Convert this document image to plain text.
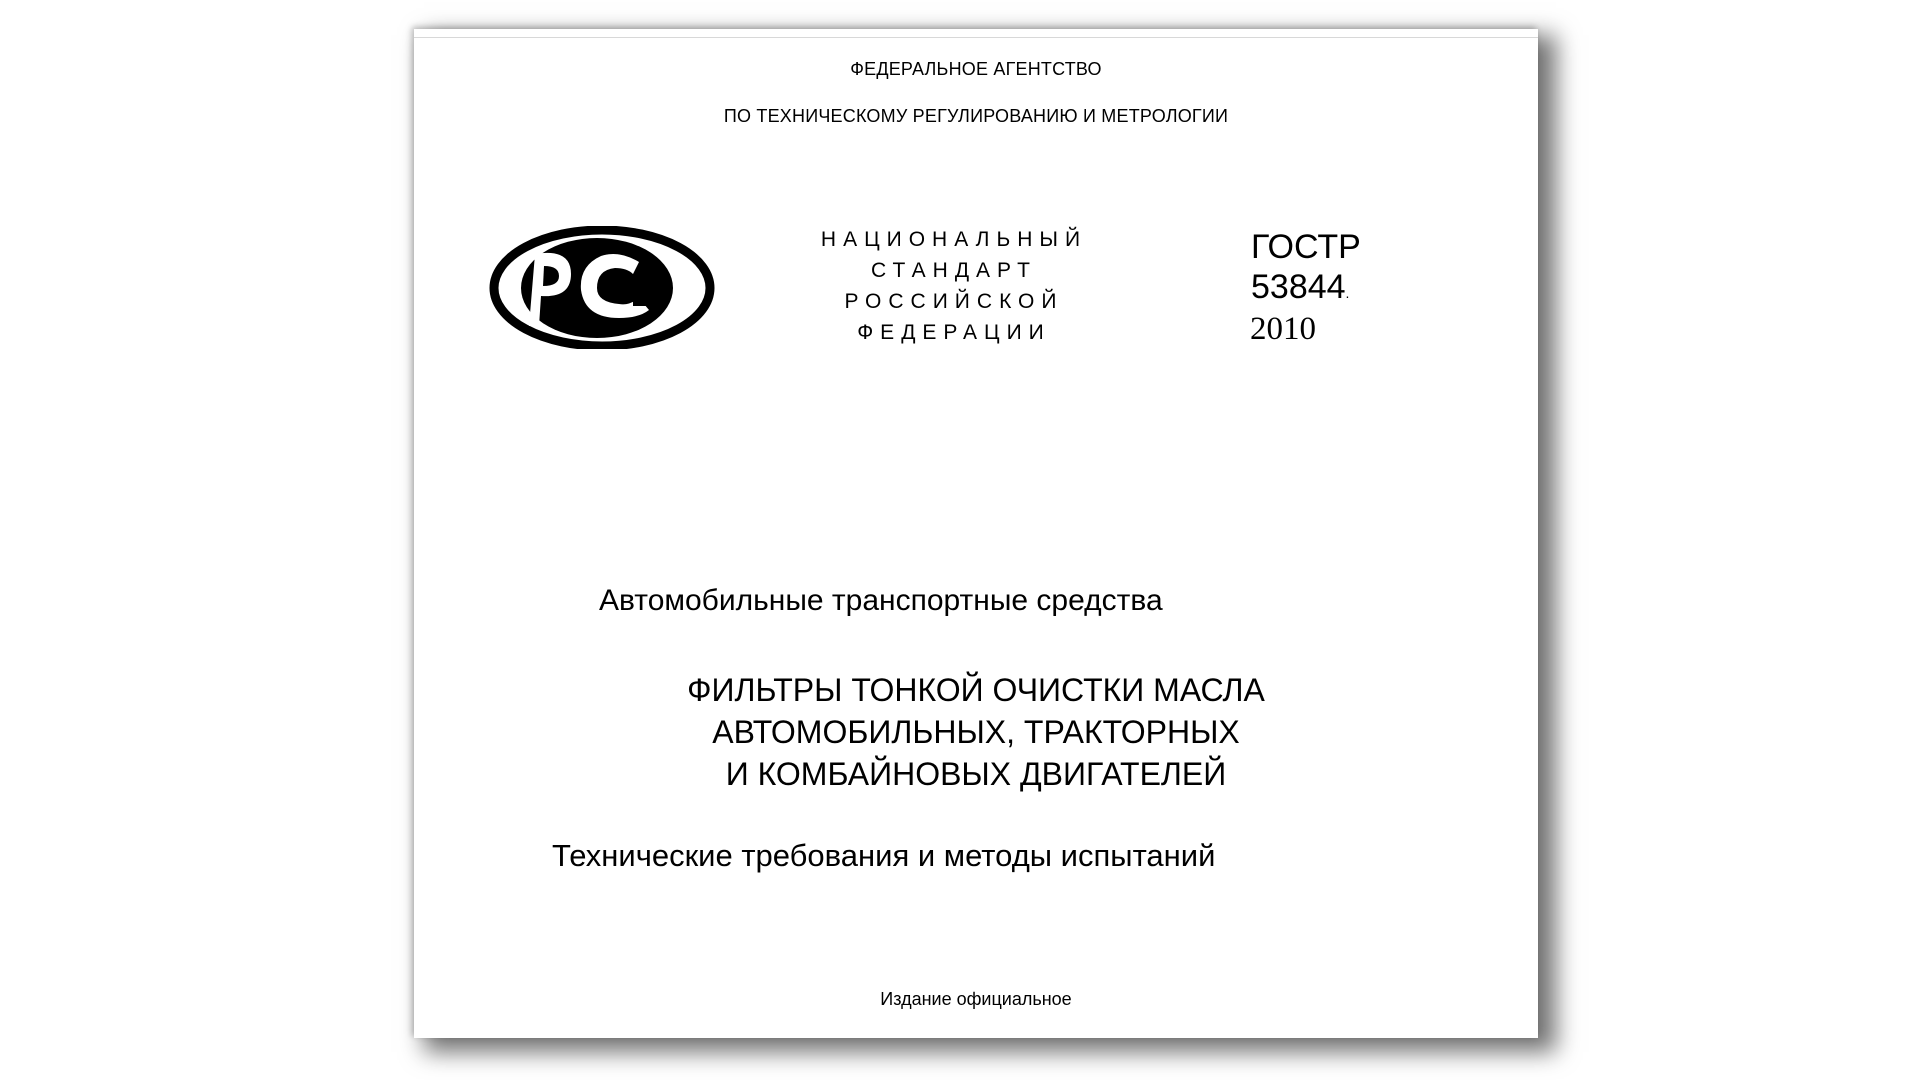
ФЕДЕРАЛЬНОЕ АГЕНТСТВО
ПО ТЕХНИЧЕСКОМУ РЕГУЛИРОВАНИЮ И МЕТРОЛОГИИ
НАЦИОНАЛЬНЫЙ
СТАНДАРТ
РОССИЙСКОЙ
ФЕДЕРАЦИИ
ГОСТР
53844.
2010
Автомобильные транспортные средства
ФИЛЬТРЫ ТОНКОЙ ОЧИСТКИ МАСЛА
АВТОМОБИЛЬНЫХ, ТРАКТОРНЫХ
И КОМБАЙНОВЫХ ДВИГАТЕЛЕЙ
Технические требования и методы испытаний
Издание официальное
